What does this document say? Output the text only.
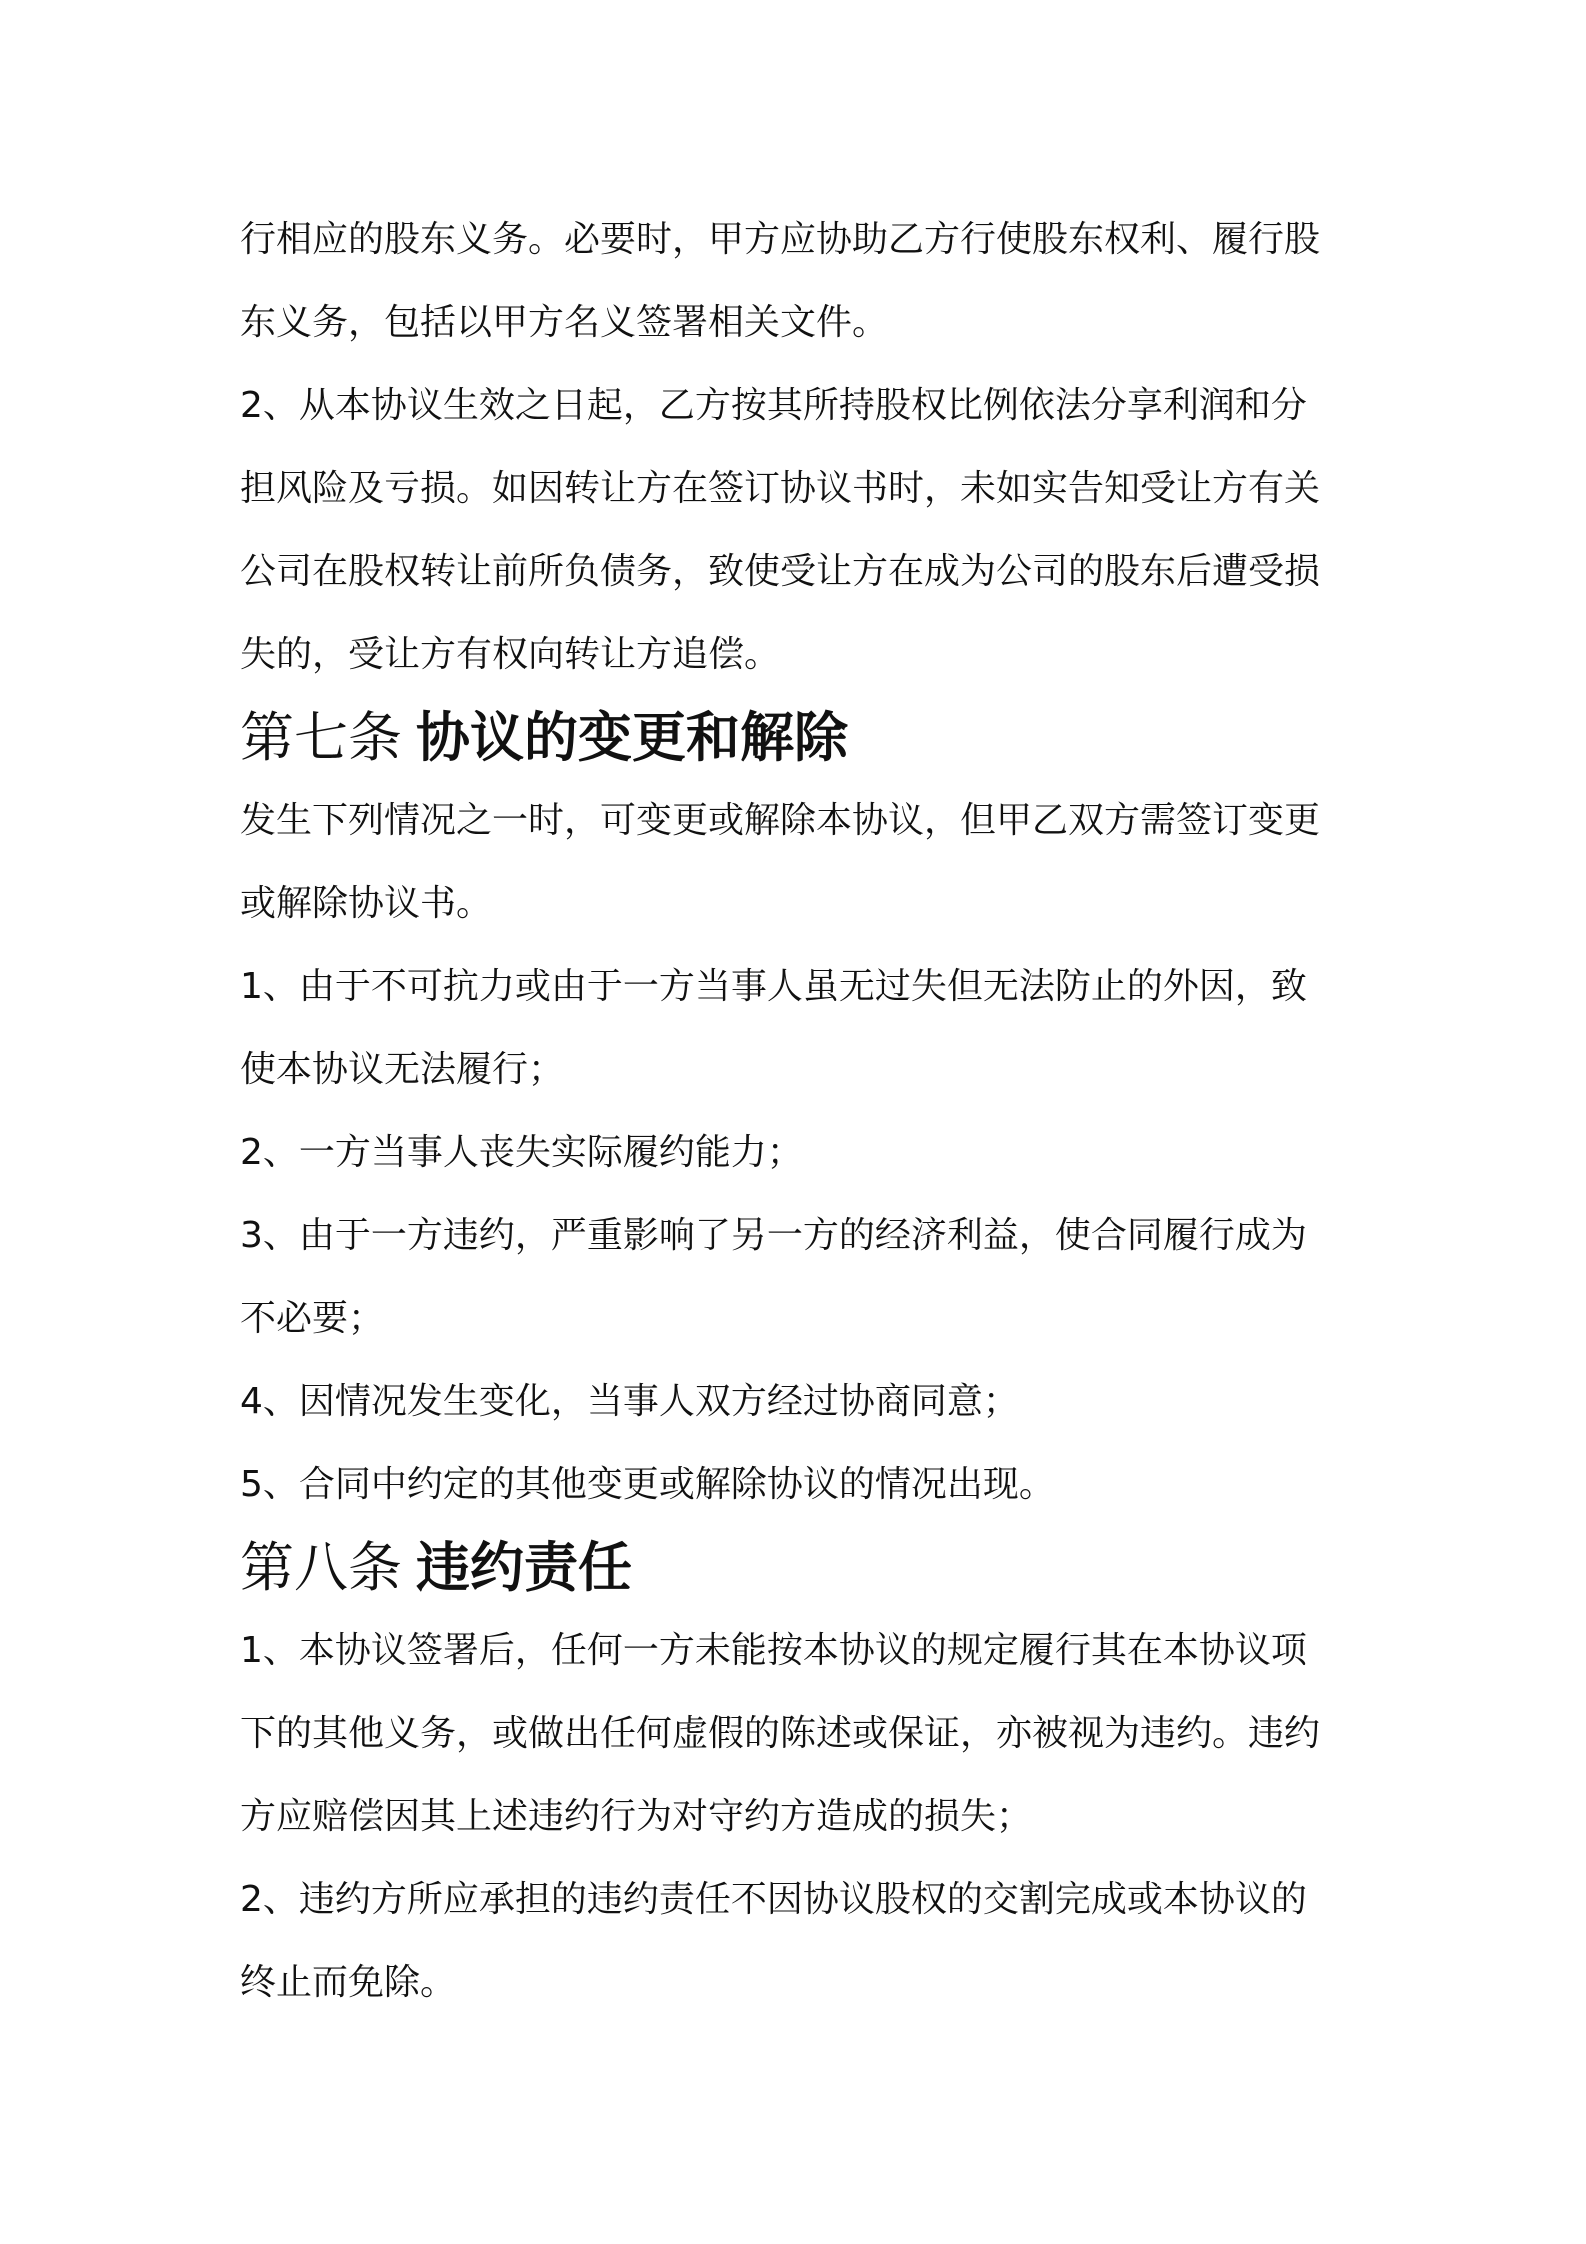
行相应的股东义务。必要时，甲方应协助乙方行使股东权利、履行股
东义务，包括以甲方名义签署相关文件。

2、从本协议生效之日起，乙方按其所持股权比例依法分享利润和分
担风险及亏损。如因转让方在签订协议书时，未如实告知受让方有关
公司在股权转让前所负债务，致使受让方在成为公司的股东后遭受损
失的，受让方有权向转让方追偿。

第七条 协议的变更和解除

发生下列情况之一时，可变更或解除本协议，但甲乙双方需签订变更
或解除协议书。

1、由于不可抗力或由于一方当事人虽无过失但无法防止的外因，致
使本协议无法履行；

2、一方当事人丧失实际履约能力；

3、由于一方违约，严重影响了另一方的经济利益，使合同履行成为
不必要；

4、因情况发生变化，当事人双方经过协商同意；

5、合同中约定的其他变更或解除协议的情况出现。

第八条 违约责任

1、本协议签署后，任何一方未能按本协议的规定履行其在本协议项
下的其他义务，或做出任何虚假的陈述或保证，亦被视为违约。违约
方应赔偿因其上述违约行为对守约方造成的损失；

2、违约方所应承担的违约责任不因协议股权的交割完成或本协议的
终止而免除。
